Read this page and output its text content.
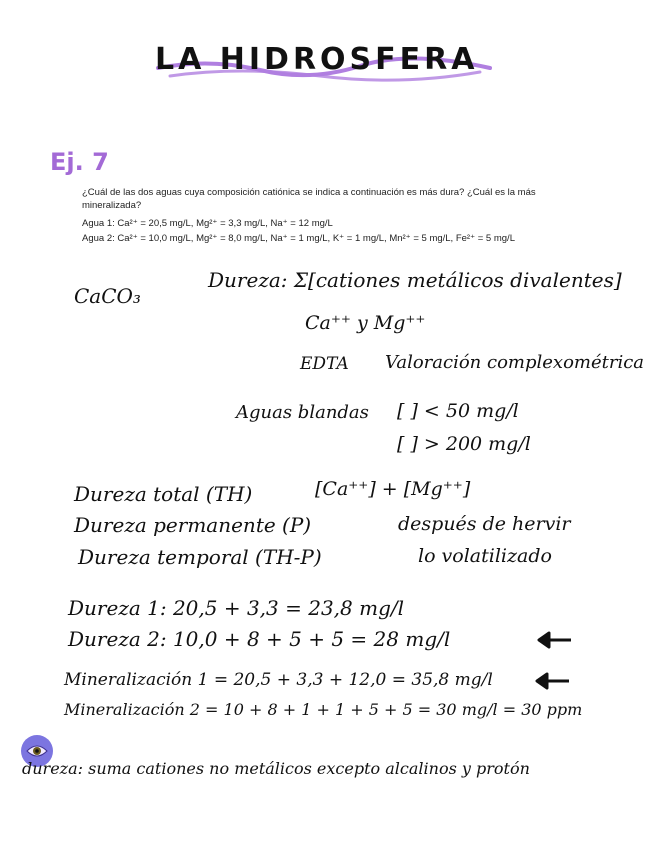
LA HIDROSFERA
Ej. 7
¿Cuál de las dos aguas cuya composición catiónica se indica a continuación es más dura? ¿Cuál es la más
mineralizada?
Agua 1: Ca²⁺ = 20,5 mg/L, Mg²⁺ = 3,3 mg/L, Na⁺ = 12 mg/L
Agua 2: Ca²⁺ = 10,0 mg/L, Mg²⁺ = 8,0 mg/L, Na⁺ = 1 mg/L, K⁺ = 1 mg/L, Mn²⁺ = 5 mg/L, Fe²⁺ = 5 mg/L
CaCO₃
Dureza: Σ[cationes metálicos divalentes]
Ca⁺⁺ y Mg⁺⁺
EDTA Valoración complexométrica
Aguas blandas [ ] < 50 mg/l
[ ] > 200 mg/l
Dureza total (TH)	[Ca⁺⁺] + [Mg⁺⁺]
Dureza permanente (P)	después de hervir
Dureza temporal (TH-P)	lo volatilizado
Dureza 1: 20,5 + 3,3 = 23,8 mg/l
Dureza 2: 10,0 + 8 + 5 + 5 = 28 mg/l
Mineralización 1 = 20,5 + 3,3 + 12,0 = 35,8 mg/l
Mineralización 2 = 10 + 8 + 1 + 1 + 5 + 5 = 30 mg/l = 30 ppm
dureza: suma cationes no metálicos excepto alcalinos y protón
